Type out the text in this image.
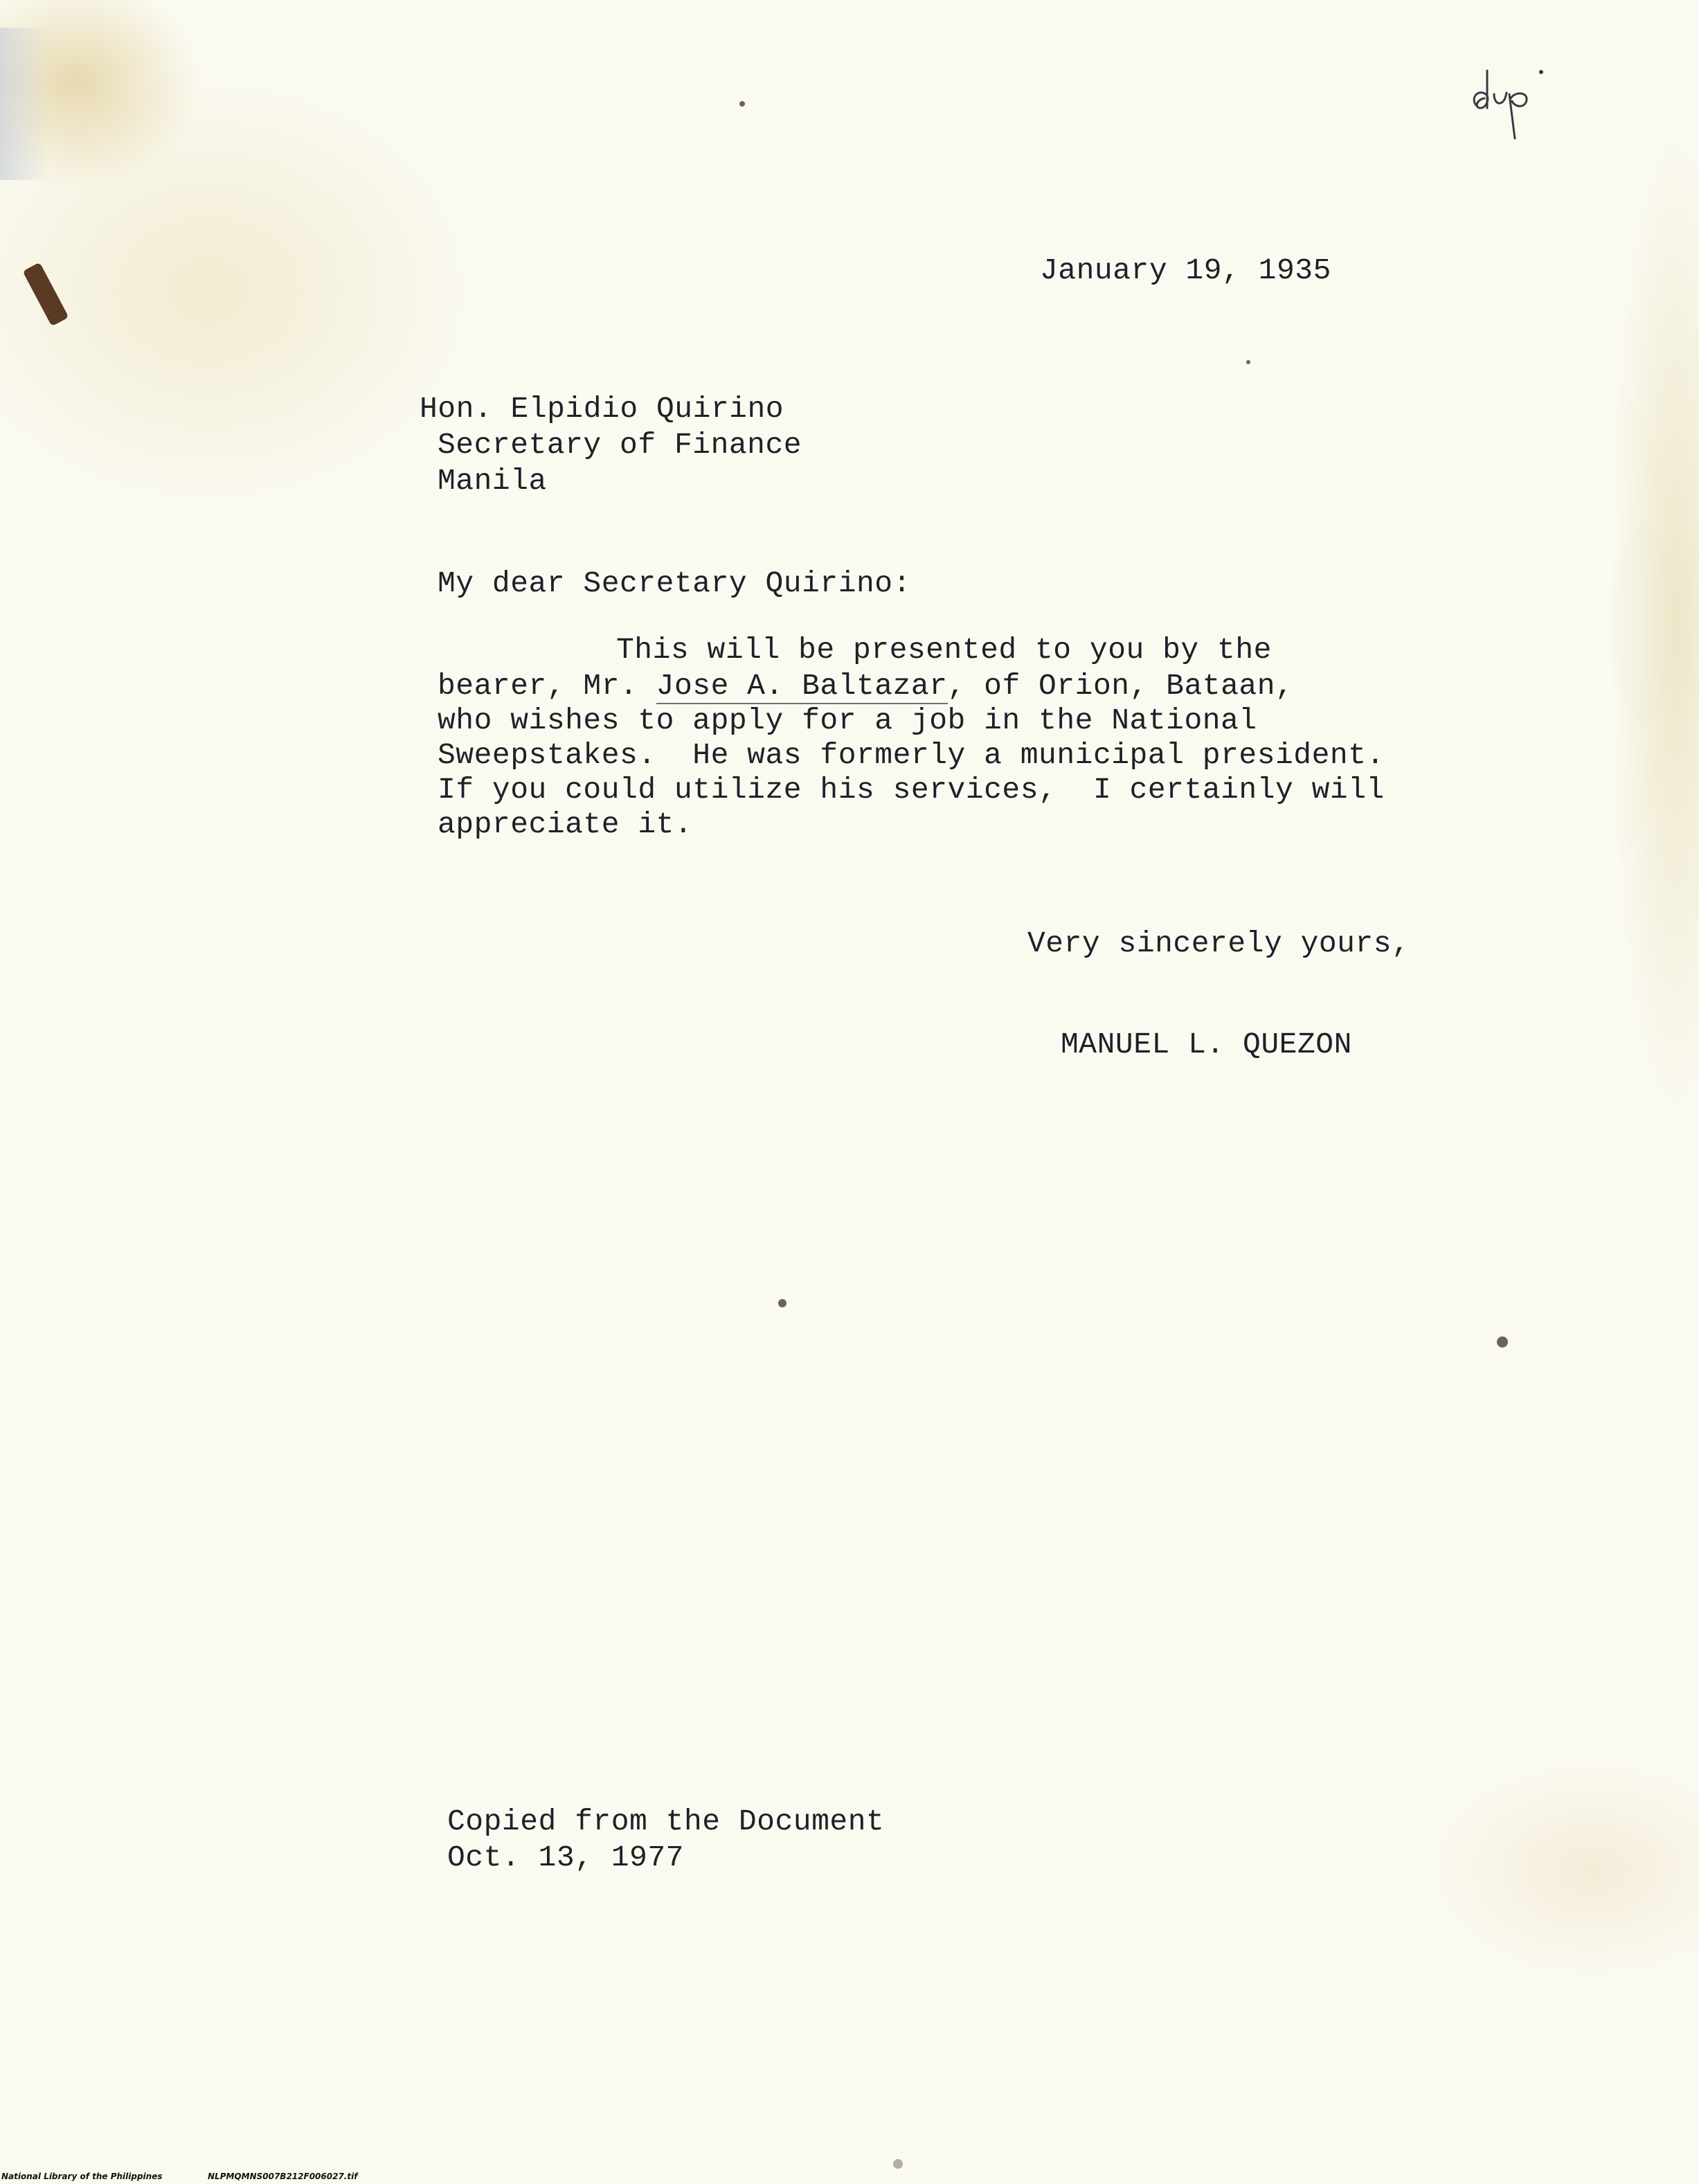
January 19, 1935
Hon. Elpidio Quirino
Secretary of Finance
Manila
My dear Secretary Quirino:
This will be presented to you by the
bearer, Mr. Jose A. Baltazar, of Orion, Bataan,
who wishes to apply for a job in the National
Sweepstakes.  He was formerly a municipal president.
If you could utilize his services,  I certainly will
appreciate it.
Very sincerely yours,
MANUEL L. QUEZON
Copied from the Document
Oct. 13, 1977
National Library of the Philippines	NLPMQMNS007B212F006027.tif
